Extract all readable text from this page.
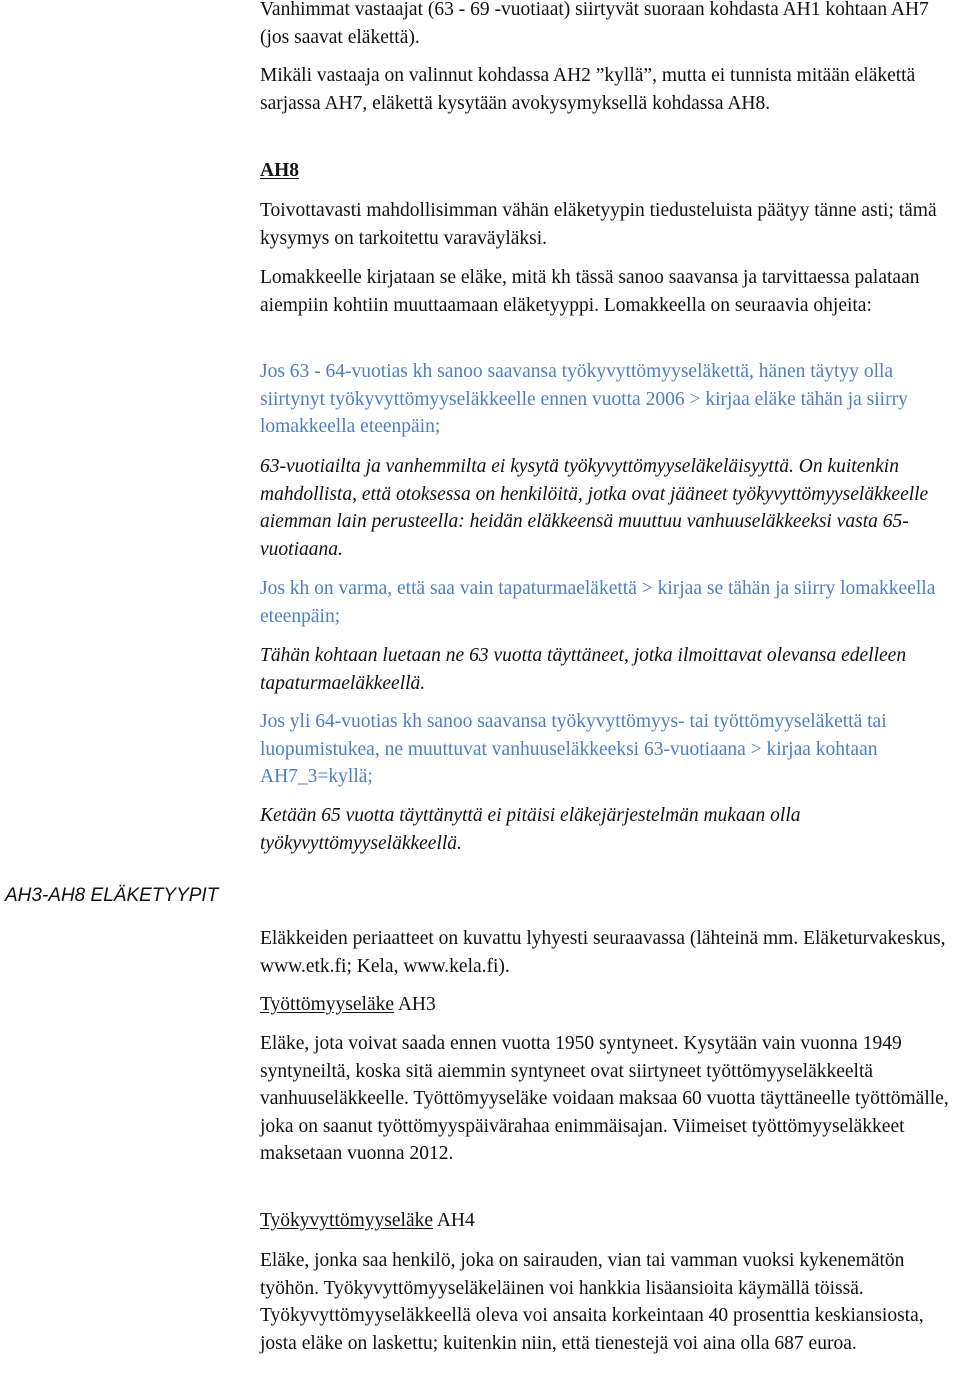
AH3-AH8 ELÄKETYYPIT

Vanhimmat vastaajat (63 - 69 -vuotiaat) siirtyvät suoraan kohdasta AH1 kohtaan AH7 (jos saavat eläkettä).

Mikäli vastaaja on valinnut kohdassa AH2 ”kyllä”, mutta ei tunnista mitään eläkettä sarjassa AH7, eläkettä kysytään avokysymyksellä kohdassa AH8.

AH8

Toivottavasti mahdollisimman vähän eläketyypin tiedusteluista päätyy tänne asti; tämä kysymys on tarkoitettu varaväyläksi.

Lomakkeelle kirjataan se eläke, mitä kh tässä sanoo saavansa ja tarvittaessa palataan aiempiin kohtiin muuttaamaan eläketyyppi. Lomakkeella on seuraavia ohjeita:

Jos 63 - 64-vuotias kh sanoo saavansa työkyvyttömyyseläkettä, hänen täytyy olla siirtynyt työkyvyttömyyseläkkeelle ennen vuotta 2006 > kirjaa eläke tähän ja siirry lomakkeella eteenpäin;

63-vuotiailta ja vanhemmilta ei kysytä työkyvyttömyyseläkeläisyyttä. On kuitenkin mahdollista, että otoksessa on henkilöitä, jotka ovat jääneet työkyvyttömyyseläkkeelle aiemman lain perusteella: heidän eläkkeensä muuttuu vanhuuseläkkeeksi vasta 65-vuotiaana.

Jos kh on varma, että saa vain tapaturmaeläkettä > kirjaa se tähän ja siirry lomakkeella eteenpäin;

Tähän kohtaan luetaan ne 63 vuotta täyttäneet, jotka ilmoittavat olevansa edelleen tapaturmaeläkkeellä.

Jos yli 64-vuotias kh sanoo saavansa työkyvyttömyys- tai työttömyyseläkettä tai luopumistukea, ne muuttuvat vanhuuseläkkeeksi 63-vuotiaana > kirjaa kohtaan AH7_3=kyllä;

Ketään 65 vuotta täyttänyttä ei pitäisi eläkejärjestelmän mukaan olla työkyvyttömyyseläkkeellä.

Eläkkeiden periaatteet on kuvattu lyhyesti seuraavassa (lähteinä mm. Eläketurvakeskus, www.etk.fi; Kela, www.kela.fi).

Työttömyyseläke AH3

Eläke, jota voivat saada ennen vuotta 1950 syntyneet. Kysytään vain vuonna 1949 syntyneiltä, koska sitä aiemmin syntyneet ovat siirtyneet työttömyyseläkkeeltä vanhuuseläkkeelle. Työttömyyseläke voidaan maksaa 60 vuotta täyttäneelle työttömälle, joka on saanut työttömyyspäivärahaa enimmäisajan. Viimeiset työttömyyseläkkeet maksetaan vuonna 2012.

Työkyvyttömyyseläke AH4

Eläke, jonka saa henkilö, joka on sairauden, vian tai vamman vuoksi kykenemätön työhön. Työkyvyttömyyseläkeläinen voi hankkia lisäansioita käymällä töissä. Työkyvyttömyyseläkkeellä oleva voi ansaita korkeintaan 40 prosenttia keskiansiosta, josta eläke on laskettu; kuitenkin niin, että tienestejä voi aina olla 687 euroa.
